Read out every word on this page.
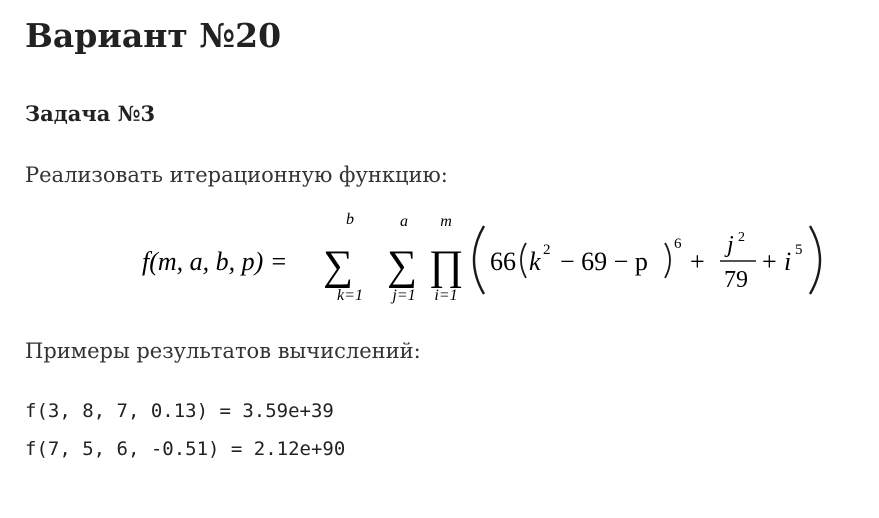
Вариант №20
Задача №3

Реализовать итерационную функцию:

f(m, a, b, p) =
b
∑
k=1
a
∑
j=1
m
∏
i=1
66 k 2 − 69 − p
6
+
j 2
79
+ i 5

Примеры результатов вычислений:

f(3, 8, 7, 0.13) = 3.59e+39
f(7, 5, 6, -0.51) = 2.12e+90
